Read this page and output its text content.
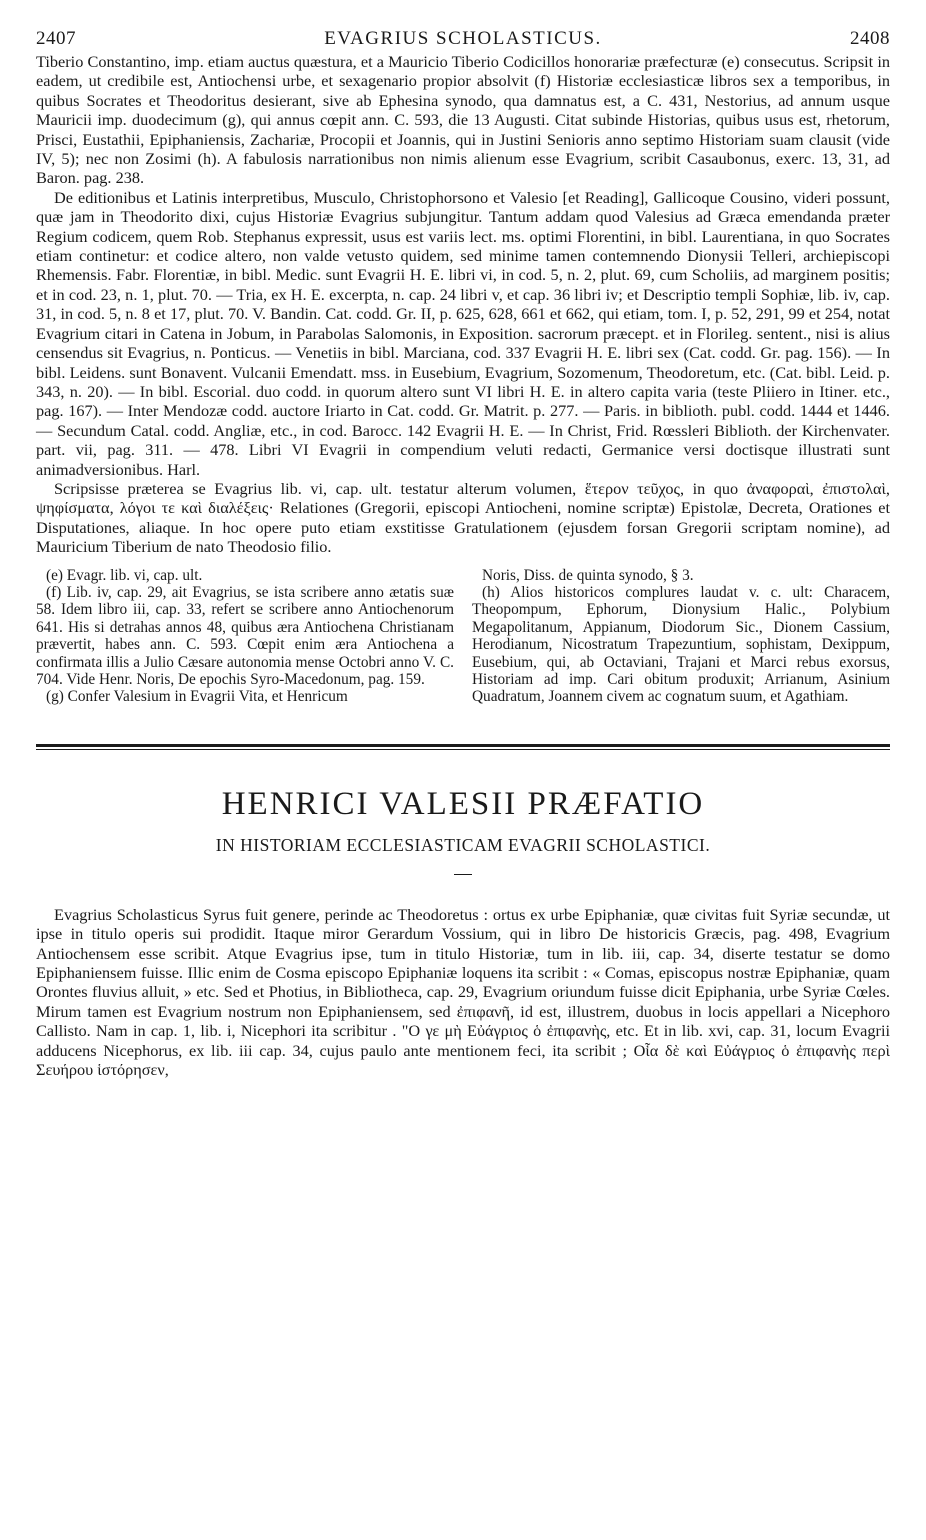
2407	EVAGRIUS SCHOLASTICUS.	2408

Tiberio Constantino, imp. etiam auctus quæstura, et a Mauricio Tiberio Codicillos honorariæ præfecturæ (e) consecutus. Scripsit in eadem, ut credibile est, Antiochensi urbe, et sexagenario propior absolvit (f) Historiæ ecclesiasticæ libros sex a temporibus, in quibus Socrates et Theodoritus desierant, sive ab Ephesina synodo, qua damnatus est, a C. 431, Nestorius, ad annum usque Mauricii imp. duodecimum (g), qui annus cœpit ann. C. 593, die 13 Augusti. Citat subinde Historias, quibus usus est, rhetorum, Prisci, Eustathii, Epiphaniensis, Zachariæ, Procopii et Joannis, qui in Justini Senioris anno septimo Historiam suam clausit (vide IV, 5); nec non Zosimi (h). A fabulosis narrationibus non nimis alienum esse Evagrium, scribit Casaubonus, exerc. 13, 31, ad Baron. pag. 238.

De editionibus et Latinis interpretibus, Musculo, Christophorsono et Valesio [et Reading], Gallicoque Cousino, videri possunt, quæ jam in Theodorito dixi, cujus Historiæ Evagrius subjungitur. Tantum addam quod Valesius ad Græca emendanda præter Regium codicem, quem Rob. Stephanus expressit, usus est variis lect. ms. optimi Florentini, in bibl. Laurentiana, in quo Socrates etiam continetur: et codice altero, non valde vetusto quidem, sed minime tamen contemnendo Dionysii Telleri, archiepiscopi Rhemensis. Fabr. Florentiæ, in bibl. Medic. sunt Evagrii H. E. libri vi, in cod. 5, n. 2, plut. 69, cum Scholiis, ad marginem positis; et in cod. 23, n. 1, plut. 70. — Tria, ex H. E. excerpta, n. cap. 24 libri v, et cap. 36 libri iv; et Descriptio templi Sophiæ, lib. iv, cap. 31, in cod. 5, n. 8 et 17, plut. 70. V. Bandin. Cat. codd. Gr. II, p. 625, 628, 661 et 662, qui etiam, tom. I, p. 52, 291, 99 et 254, notat Evagrium citari in Catena in Jobum, in Parabolas Salomonis, in Exposition. sacrorum præcept. et in Florileg. sentent., nisi is alius censendus sit Evagrius, n. Ponticus. — Venetiis in bibl. Marciana, cod. 337 Evagrii H. E. libri sex (Cat. codd. Gr. pag. 156). — In bibl. Leidens. sunt Bonavent. Vulcanii Emendatt. mss. in Eusebium, Evagrium, Sozomenum, Theodoretum, etc. (Cat. bibl. Leid. p. 343, n. 20). — In bibl. Escorial. duo codd. in quorum altero sunt VI libri H. E. in altero capita varia (teste Pliiero in Itiner. etc., pag. 167). — Inter Mendozæ codd. auctore Iriarto in Cat. codd. Gr. Matrit. p. 277. — Paris. in biblioth. publ. codd. 1444 et 1446. — Secundum Catal. codd. Angliæ, etc., in cod. Barocc. 142 Evagrii H. E. — In Christ, Frid. Rœssleri Biblioth. der Kirchenvater. part. vii, pag. 311. — 478. Libri VI Evagrii in compendium veluti redacti, Germanice versi doctisque illustrati sunt animadversionibus. Harl.

Scripsisse præterea se Evagrius lib. vi, cap. ult. testatur alterum volumen, ἕτερον τεῦχος, in quo ἀναφοραὶ, ἐπιστολαὶ, ψηφίσματα, λόγοι τε καὶ διαλέξεις· Relationes (Gregorii, episcopi Antiocheni, nomine scriptæ) Epistolæ, Decreta, Orationes et Disputationes, aliaque. In hoc opere puto etiam exstitisse Gratulationem (ejusdem forsan Gregorii scriptam nomine), ad Mauricium Tiberium de nato Theodosio filio.

(e) Evagr. lib. vi, cap. ult.

(f) Lib. iv, cap. 29, ait Evagrius, se ista scribere anno ætatis suæ 58. Idem libro iii, cap. 33, refert se scribere anno Antiochenorum 641. His si detrahas annos 48, quibus æra Antiochena Christianam prævertit, habes ann. C. 593. Cœpit enim æra Antiochena a confirmata illis a Julio Cæsare autonomia mense Octobri anno V. C. 704. Vide Henr. Noris, De epochis Syro-Macedonum, pag. 159.

(g) Confer Valesium in Evagrii Vita, et Henricum

Noris, Diss. de quinta synodo, § 3.

(h) Alios historicos complures laudat v. c. ult: Characem, Theopompum, Ephorum, Dionysium Halic., Polybium Megapolitanum, Appianum, Diodorum Sic., Dionem Cassium, Herodianum, Nicostratum Trapezuntium, sophistam, Dexippum, Eusebium, qui, ab Octaviani, Trajani et Marci rebus exorsus, Historiam ad imp. Cari obitum produxit; Arrianum, Asinium Quadratum, Joannem civem ac cognatum suum, et Agathiam.

HENRICI VALESII PRÆFATIO
IN HISTORIAM ECCLESIASTICAM EVAGRII SCHOLASTICI.

Evagrius Scholasticus Syrus fuit genere, perinde ac Theodoretus : ortus ex urbe Epiphaniæ, quæ civitas fuit Syriæ secundæ, ut ipse in titulo operis sui prodidit. Itaque miror Gerardum Vossium, qui in libro De historicis Græcis, pag. 498, Evagrium Antiochensem esse scribit. Atque Evagrius ipse, tum in titulo Historiæ, tum in lib. iii, cap. 34, diserte testatur se domo Epiphaniensem fuisse. Illic enim de Cosma episcopo Epiphaniæ loquens ita scribit : « Comas, episcopus nostræ Epiphaniæ, quam Orontes fluvius alluit, » etc. Sed et Photius, in Bibliotheca, cap. 29, Evagrium oriundum fuisse dicit Epiphania, urbe Syriæ Cœles. Mirum tamen est Evagrium nostrum non Epiphaniensem, sed ἐπιφανῆ, id est, illustrem, duobus in locis appellari a Nicephoro Callisto. Nam in cap. 1, lib. i, Nicephori ita scribitur . "Ο γε μὴ Εὐάγριος ὁ ἐπιφανὴς, etc. Et in lib. xvi, cap. 31, locum Evagrii adducens Nicephorus, ex lib. iii cap. 34, cujus paulo ante mentionem feci, ita scribit ; Οἷα δὲ καὶ Εὐάγριος ὁ ἐπιφανὴς περὶ Σευήρου ἱστόρησεν,
